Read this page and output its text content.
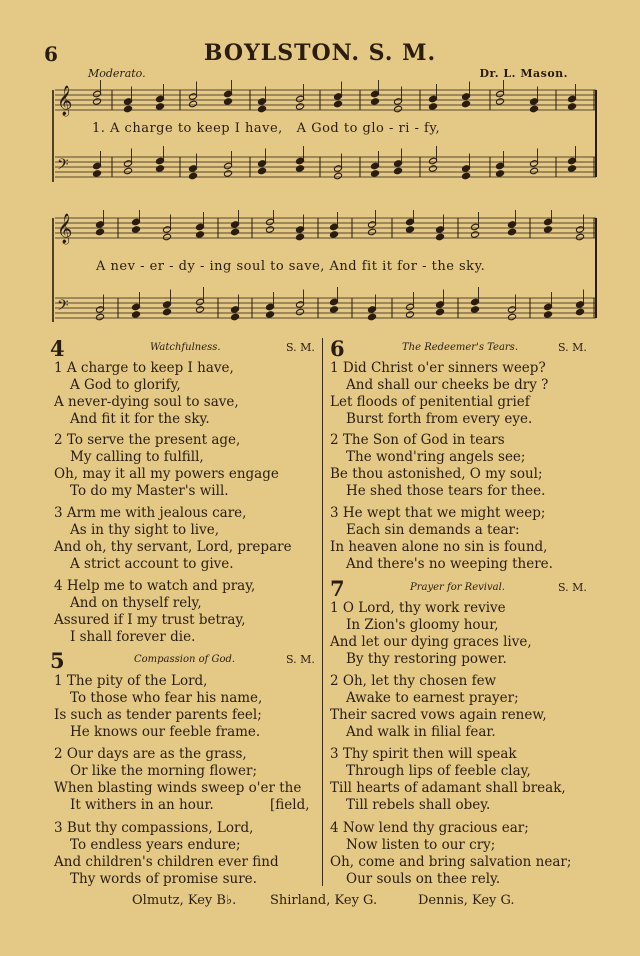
6	BOYLSTON. S. M.
Moderato.	Dr. L. Mason.
𝄞
𝄢
1. A charge to keep I have,   A God to glo - ri - fy,
𝄞
𝄢
A nev - er - dy - ing soul to save, And fit it for - the sky.
4	Watchfulness.	S. M.
1 A charge to keep I have,
A God to glorify,
A never-dying soul to save,
And fit it for the sky.
2 To serve the present age,
My calling to fulfill,
Oh, may it all my powers engage
To do my Master's will.
3 Arm me with jealous care,
As in thy sight to live,
And oh, thy servant, Lord, prepare
A strict account to give.
4 Help me to watch and pray,
And on thyself rely,
Assured if I my trust betray,
I shall forever die.
5	Compassion of God.	S. M.
1 The pity of the Lord,
To those who fear his name,
Is such as tender parents feel;
He knows our feeble frame.
2 Our days are as the grass,
Or like the morning flower;
When blasting winds sweep o'er the
It withers in an hour.	[field,
3 But thy compassions, Lord,
To endless years endure;
And children's children ever find
Thy words of promise sure.
6	The Redeemer's Tears.	S. M.
1 Did Christ o'er sinners weep?
And shall our cheeks be dry ?
Let floods of penitential grief
Burst forth from every eye.
2 The Son of God in tears
The wond'ring angels see;
Be thou astonished, O my soul;
He shed those tears for thee.
3 He wept that we might weep;
Each sin demands a tear:
In heaven alone no sin is found,
And there's no weeping there.
7	Prayer for Revival.	S. M.
1 O Lord, thy work revive
In Zion's gloomy hour,
And let our dying graces live,
By thy restoring power.
2 Oh, let thy chosen few
Awake to earnest prayer;
Their sacred vows again renew,
And walk in filial fear.
3 Thy spirit then will speak
Through lips of feeble clay,
Till hearts of adamant shall break,
Till rebels shall obey.
4 Now lend thy gracious ear;
Now listen to our cry;
Oh, come and bring salvation near;
Our souls on thee rely.
Olmutz, Key B♭.	Shirland, Key G.	Dennis, Key G.
